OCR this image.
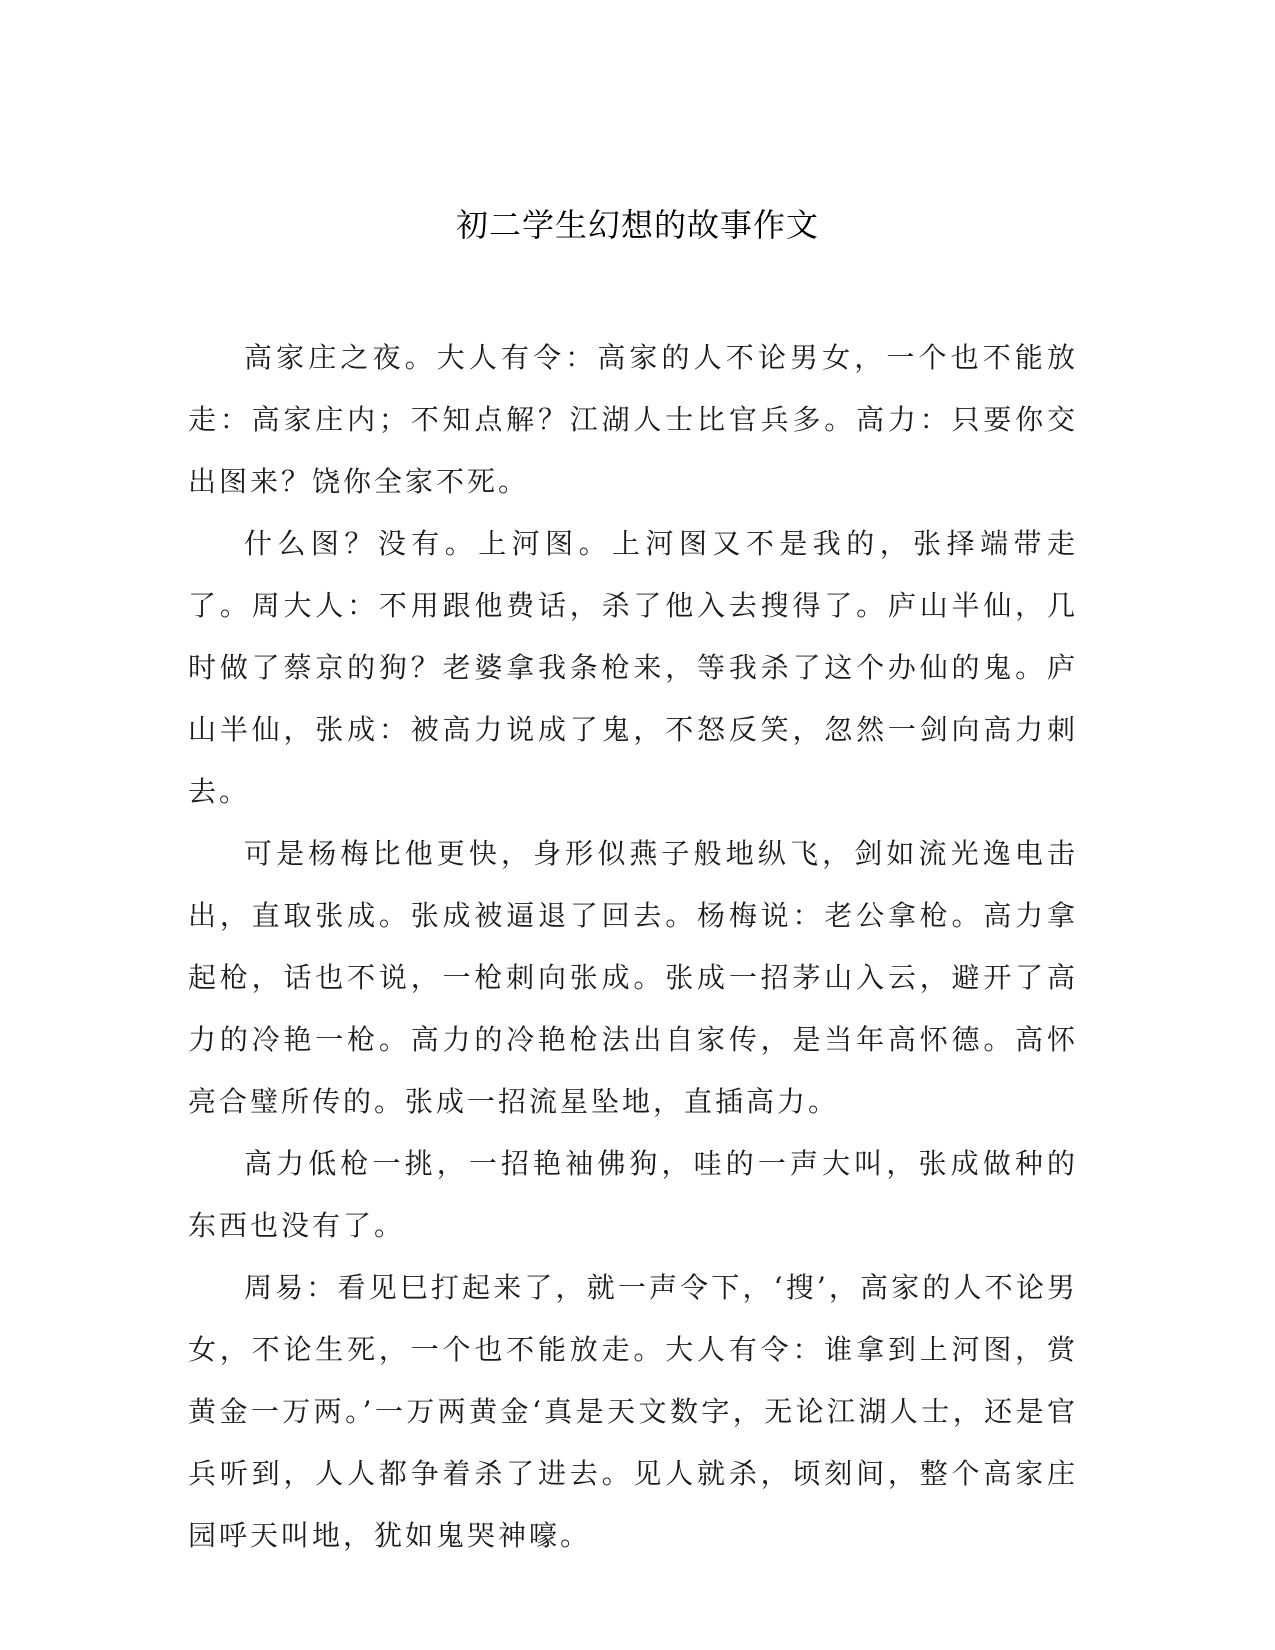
初二学生幻想的故事作文

高家庄之夜。大人有令：高家的人不论男女，一个也不能放走：高家庄内；不知点解？江湖人士比官兵多。高力：只要你交出图来？饶你全家不死。

什么图？没有。上河图。上河图又不是我的，张择端带走了。周大人：不用跟他费话，杀了他入去搜得了。庐山半仙，几时做了蔡京的狗？老婆拿我条枪来，等我杀了这个办仙的鬼。庐山半仙，张成：被高力说成了鬼，不怒反笑，忽然一剑向高力刺去。

可是杨梅比他更快，身形似燕子般地纵飞，剑如流光逸电击出，直取张成。张成被逼退了回去。杨梅说：老公拿枪。高力拿起枪，话也不说，一枪刺向张成。张成一招茅山入云，避开了高力的冷艳一枪。高力的冷艳枪法出自家传，是当年高怀德。高怀亮合璧所传的。张成一招流星坠地，直插高力。

高力低枪一挑，一招艳袖佛狗，哇的一声大叫，张成做种的东西也没有了。

周易：看见巳打起来了，就一声令下，‘搜’，高家的人不论男女，不论生死，一个也不能放走。大人有令：谁拿到上河图，赏黄金一万两。’一万两黄金‘真是天文数字，无论江湖人士，还是官兵听到，人人都争着杀了进去。见人就杀，顷刻间，整个高家庄园呼天叫地，犹如鬼哭神嚎。
